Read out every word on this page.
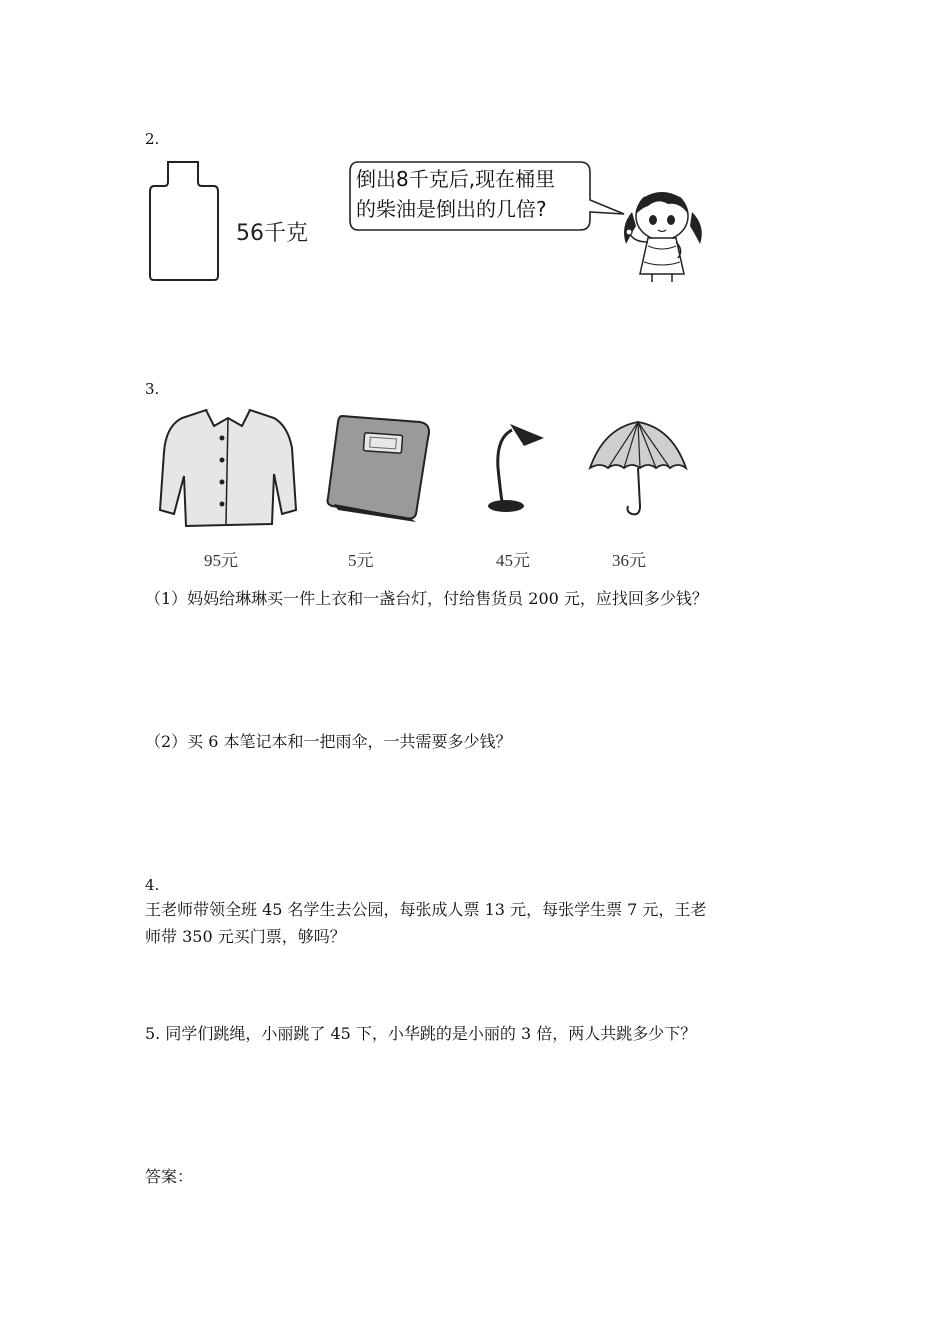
2.
56千克
倒出8千克后,现在桶里
的柴油是倒出的几倍?
3.
95元	5元	45元	36元
（1）妈妈给琳琳买一件上衣和一盏台灯，付给售货员 200 元，应找回多少钱？
（2）买 6 本笔记本和一把雨伞，一共需要多少钱？
4.
王老师带领全班 45 名学生去公园，每张成人票 13 元，每张学生票 7 元，王老
师带 350 元买门票，够吗？
5. 同学们跳绳，小丽跳了 45 下，小华跳的是小丽的 3 倍，两人共跳多少下？
答案：
